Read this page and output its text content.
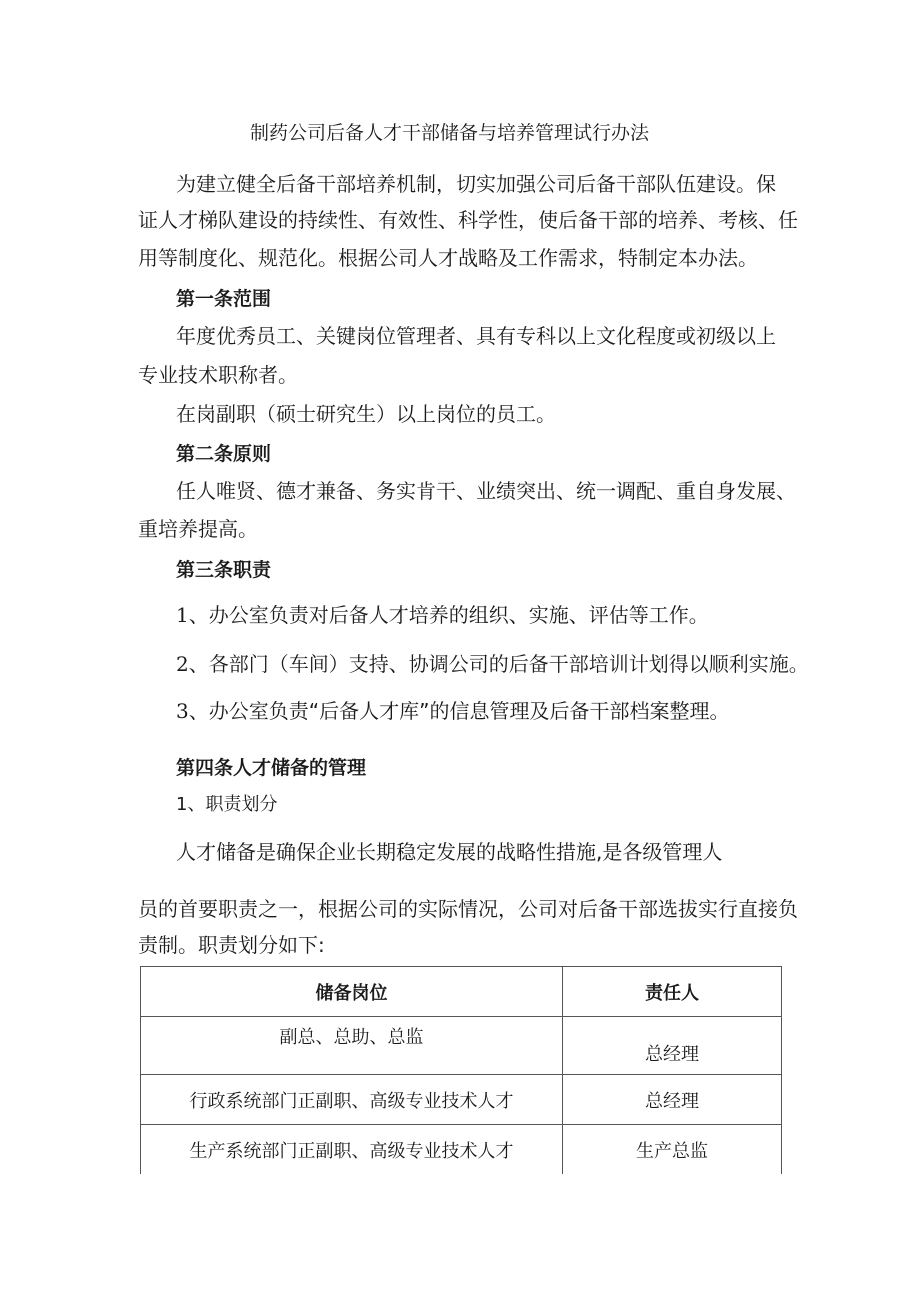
制药公司后备人才干部储备与培养管理试行办法

为建立健全后备干部培养机制，切实加强公司后备干部队伍建设。保

证人才梯队建设的持续性、有效性、科学性，使后备干部的培养、考核、任

用等制度化、规范化。根据公司人才战略及工作需求，特制定本办法。

第一条范围

年度优秀员工、关键岗位管理者、具有专科以上文化程度或初级以上

专业技术职称者。

在岗副职（硕士研究生）以上岗位的员工。

第二条原则

任人唯贤、德才兼备、务实肯干、业绩突出、统一调配、重自身发展、

重培养提高。

第三条职责

1、办公室负责对后备人才培养的组织、实施、评估等工作。

2、各部门（车间）支持、协调公司的后备干部培训计划得以顺利实施。

3、办公室负责“后备人才库”的信息管理及后备干部档案整理。

第四条人才储备的管理

1、职责划分

人才储备是确保企业长期稳定发展的战略性措施,是各级管理人

员的首要职责之一，根据公司的实际情况，公司对后备干部选拔实行直接负

责制。职责划分如下:

储备岗位	责任人
副总、总助、总监	总经理
行政系统部门正副职、高级专业技术人才	总经理
生产系统部门正副职、高级专业技术人才	生产总监
